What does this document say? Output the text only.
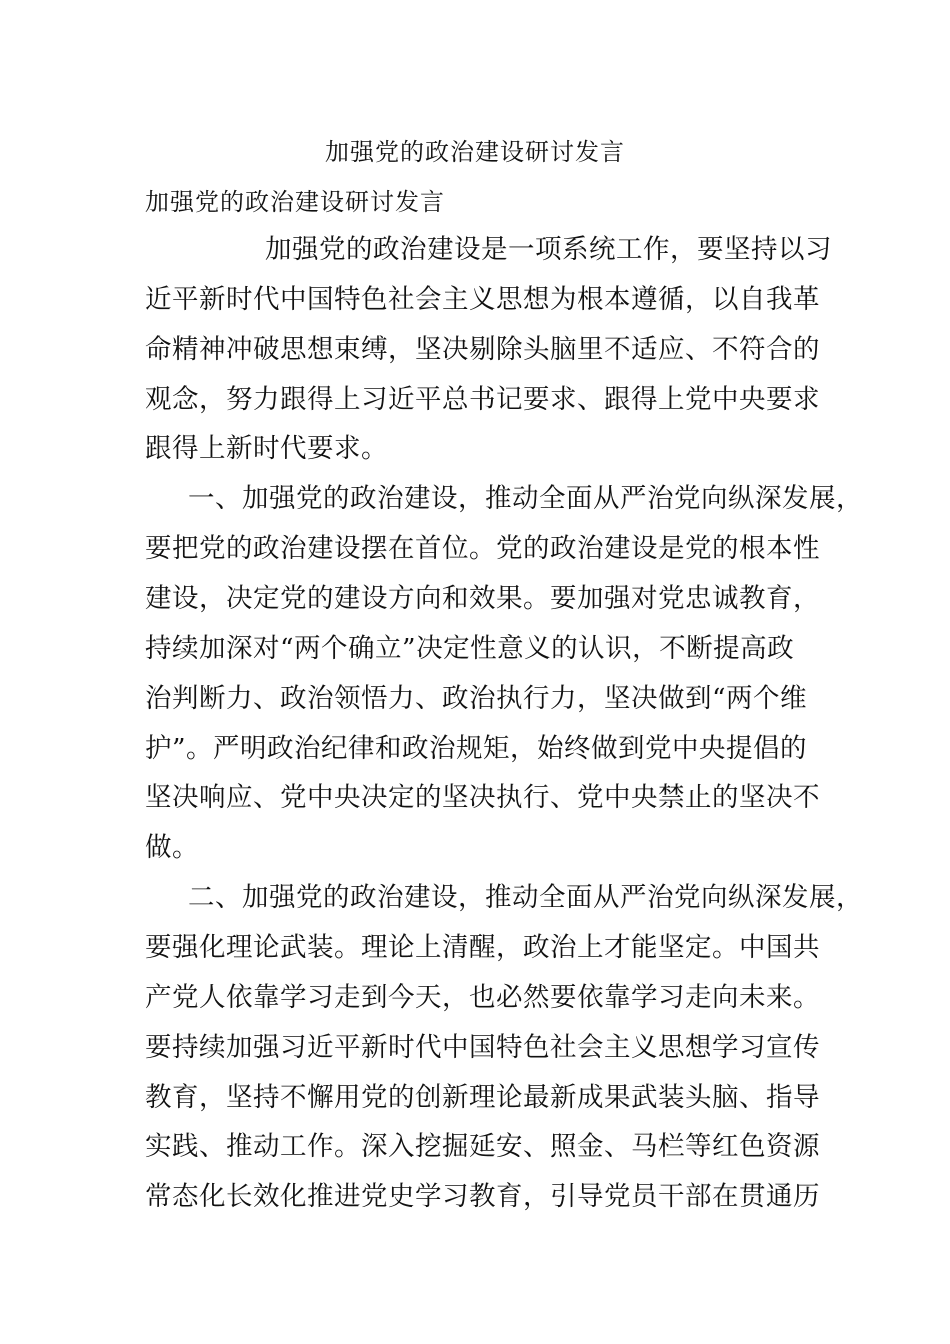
加强党的政治建设研讨发言
加强党的政治建设研讨发言
加强党的政治建设是一项系统工作，要坚持以习
近平新时代中国特色社会主义思想为根本遵循，以自我革
命精神冲破思想束缚，坚决剔除头脑里不适应、不符合的
观念，努力跟得上习近平总书记要求、跟得上党中央要求
跟得上新时代要求。
一、加强党的政治建设，推动全面从严治党向纵深发展，
要把党的政治建设摆在首位。党的政治建设是党的根本性
建设，决定党的建设方向和效果。要加强对党忠诚教育，
持续加深对“两个确立”决定性意义的认识，不断提高政
治判断力、政治领悟力、政治执行力，坚决做到“两个维
护”。严明政治纪律和政治规矩，始终做到党中央提倡的
坚决响应、党中央决定的坚决执行、党中央禁止的坚决不
做。
二、加强党的政治建设，推动全面从严治党向纵深发展，
要强化理论武装。理论上清醒，政治上才能坚定。中国共
产党人依靠学习走到今天，也必然要依靠学习走向未来。
要持续加强习近平新时代中国特色社会主义思想学习宣传
教育，坚持不懈用党的创新理论最新成果武装头脑、指导
实践、推动工作。深入挖掘延安、照金、马栏等红色资源
常态化长效化推进党史学习教育，引导党员干部在贯通历
